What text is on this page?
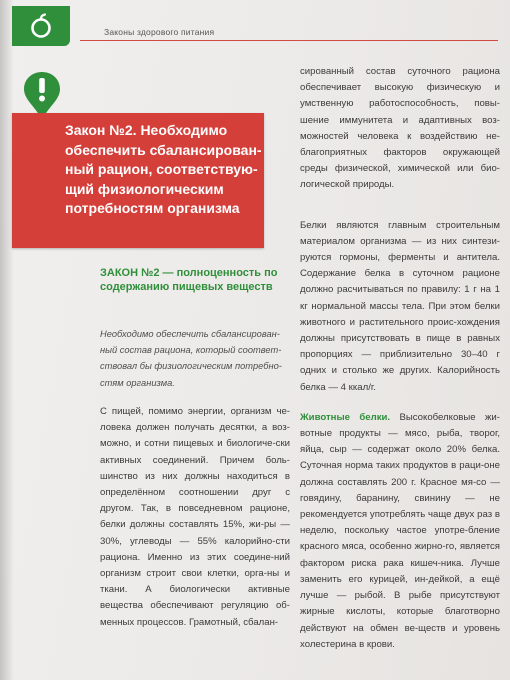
Законы здорового питания
Закон №2. Необходимо обеспечить сбалансирован-ный рацион, соответствую-щий физиологическим потребностям организма
ЗАКОН №2 — полноценность по содержанию пищевых веществ
Необходимо обеспечить сбалансирован-ный состав рациона, который соответ-ствовал бы физиологическим потребно-стям организма.
С пищей, помимо энергии, организм че-ловека должен получать десятки, а воз-можно, и сотни пищевых и биологиче-ски активных соединений. Причем боль-шинство из них должны находиться в определённом соотношении друг с другом. Так, в повседневном рационе, белки должны составлять 15%, жи-ры — 30%, углеводы — 55% калорийно-сти рациона. Именно из этих соедине-ний организм строит свои клетки, орга-ны и ткани. А биологически активные вещества обеспечивают регуляцию об-менных процессов. Грамотный, сбалан-

сированный состав суточного рациона обеспечивает высокую физическую и умственную работоспособность, повы-шение иммунитета и адаптивных воз-можностей человека к воздействию не-благоприятных факторов окружающей среды физической, химической или био-логической природы.

Белки являются главным строительным материалом организма — из них синтези-руются гормоны, ферменты и антитела. Содержание белка в суточном рационе должно расчитываться по правилу: 1 г на 1 кг нормальной массы тела. При этом белки животного и растительного проис-хождения должны присутствовать в пище в равных пропорциях — приблизительно 30–40 г одних и столько же других. Калорийность белка — 4 ккал/г.

Животные белки. Высокобелковые жи-вотные продукты — мясо, рыба, творог, яйца, сыр — содержат около 20% белка. Суточная норма таких продуктов в раци-оне должна составлять 200 г. Красное мя-со — говядину, баранину, свинину — не рекомендуется употреблять чаще двух раз в неделю, поскольку частое употре-бление красного мяса, особенно жирно-го, является фактором риска рака кишеч-ника. Лучше заменить его курицей, ин-дейкой, а ещё лучше — рыбой. В рыбе присутствуют жирные кислоты, которые благотворно действуют на обмен ве-ществ и уровень холестерина в крови.
